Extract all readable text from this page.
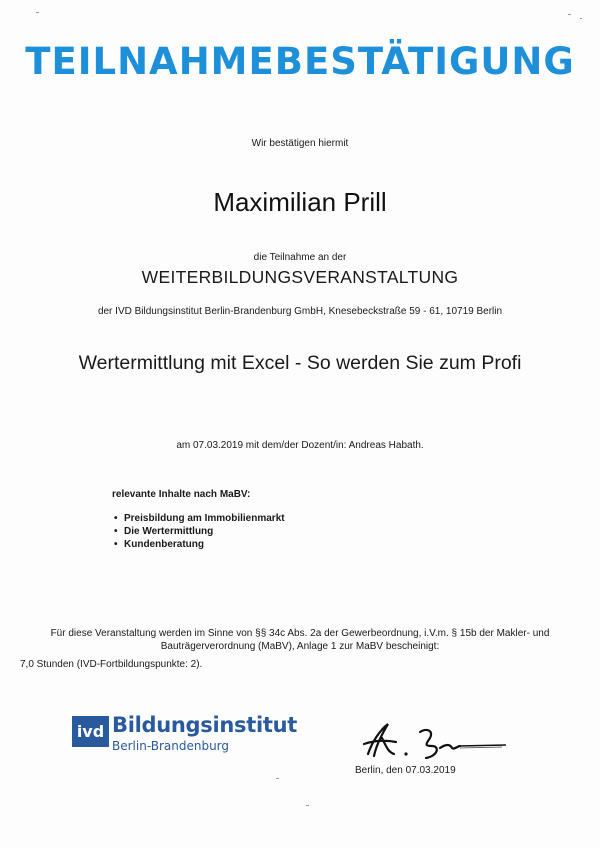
TEILNAHMEBESTÄTIGUNG
Wir bestätigen hiermit
Maximilian Prill
die Teilnahme an der
WEITERBILDUNGSVERANSTALTUNG
der IVD Bildungsinstitut Berlin-Brandenburg GmbH, Knesebeckstraße 59 - 61, 10719 Berlin
Wertermittlung mit Excel - So werden Sie zum Profi
am 07.03.2019 mit dem/der Dozent/in: Andreas Habath.
relevante Inhalte nach MaBV:
• Preisbildung am Immobilienmarkt
• Die Wertermittlung
• Kundenberatung
Für diese Veranstaltung werden im Sinne von §§ 34c Abs. 2a der Gewerbeordnung, i.V.m. § 15b der Makler- und
Bauträgerverordnung (MaBV), Anlage 1 zur MaBV bescheinigt:
7,0 Stunden (IVD-Fortbildungspunkte: 2).
ivd Bildungsinstitut
Berlin-Brandenburg
Berlin, den 07.03.2019
